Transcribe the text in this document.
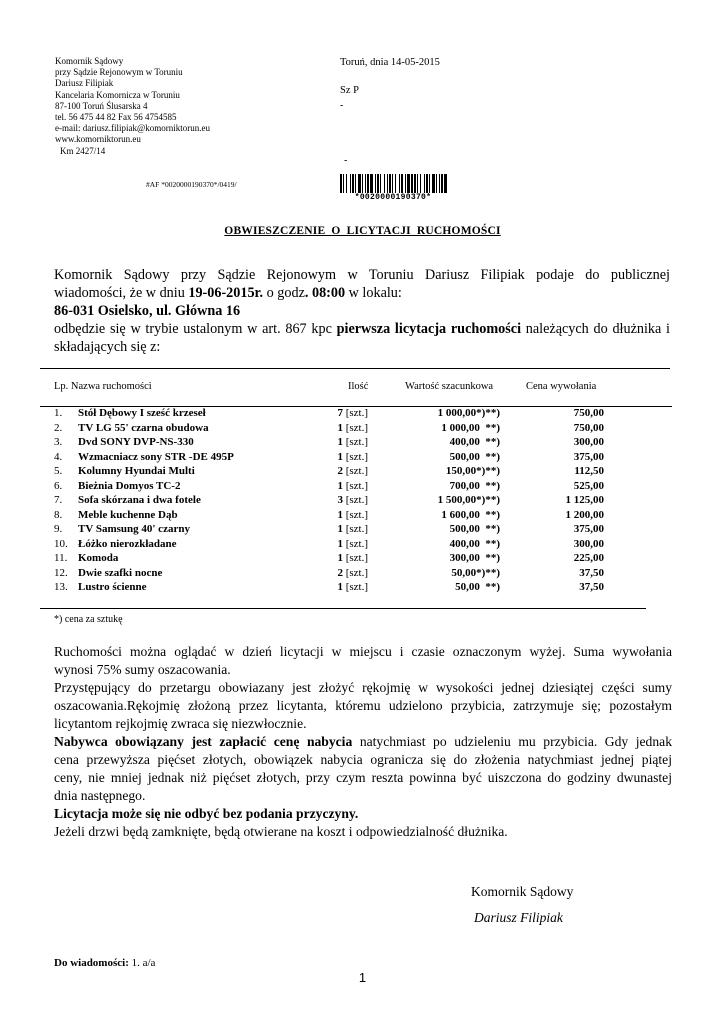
Komornik Sądowy
przy Sądzie Rejonowym w Toruniu
Dariusz Filipiak
Kancelaria Komornicza w Toruniu
87-100 Toruń Ślusarska 4
tel. 56 475 44 82 Fax 56 4754585
e-mail: dariusz.filipiak@komorniktorun.eu
www.komorniktorun.eu
Km 2427/14
Toruń, dnia 14-05-2015
Sz P
-
-
#AF *0020000190370*/0419/
*0020000190370*
OBWIESZCZENIE O LICYTACJI RUCHOMOŚCI

Komornik Sądowy przy Sądzie Rejonowym w Toruniu Dariusz Filipiak podaje do publicznej

wiadomości, że w dniu 19-06-2015r. o godz. 08:00 w lokalu:

86-031 Osielsko, ul. Główna 16

odbędzie się w trybie ustalonym w art. 867 kpc pierwsza licytacja ruchomości należących do dłużnika i

składających się z:

Lp. Nazwa ruchomości	Ilość	Wartość szacunkowa	Cena wywołania
1. Stół Dębowy I sześć krzeseł	7 [szt.]	1 000,00*)**)	750,00
2. TV LG 55' czarna obudowa	1 [szt.]	1 000,00  **)	750,00
3. Dvd SONY DVP-NS-330	1 [szt.]	400,00  **)	300,00
4. Wzmacniacz sony STR -DE 495P	1 [szt.]	500,00  **)	375,00
5. Kolumny Hyundai Multi	2 [szt.]	150,00*)**)	112,50
6. Bieżnia Domyos TC-2	1 [szt.]	700,00  **)	525,00
7. Sofa skórzana i dwa fotele	3 [szt.]	1 500,00*)**)	1 125,00
8. Meble kuchenne Dąb	1 [szt.]	1 600,00  **)	1 200,00
9. TV Samsung 40' czarny	1 [szt.]	500,00  **)	375,00
10. Łóżko nierozkładane	1 [szt.]	400,00  **)	300,00
11. Komoda	1 [szt.]	300,00  **)	225,00
12. Dwie szafki nocne	2 [szt.]	50,00*)**)	37,50
13. Lustro ścienne	1 [szt.]	50,00  **)	37,50
*) cena za sztukę

Ruchomości można oglądać w dzień licytacji w miejscu i czasie oznaczonym wyżej. Suma wywołania

wynosi 75% sumy oszacowania.

Przystępujący do przetargu obowiazany jest złożyć rękojmię w wysokości jednej dziesiątej części sumy

oszacowania.Rękojmię złożoną przez licytanta, któremu udzielono przybicia, zatrzymuje się; pozostałym

licytantom rejkojmię zwraca się niezwłocznie.

Nabywca obowiązany jest zapłacić cenę nabycia natychmiast po udzieleniu mu przybicia. Gdy jednak

cena przewyższa pięćset złotych, obowiązek nabycia ogranicza się do złożenia natychmiast jednej piątej

ceny, nie mniej jednak niż pięćset złotych, przy czym reszta powinna być uiszczona do godziny dwunastej

dnia następnego.

Licytacja może się nie odbyć bez podania przyczyny.

Jeżeli drzwi będą zamknięte, będą otwierane na koszt i odpowiedzialność dłużnika.

Komornik Sądowy
Dariusz Filipiak
Do wiadomości: 1. a/a
1
